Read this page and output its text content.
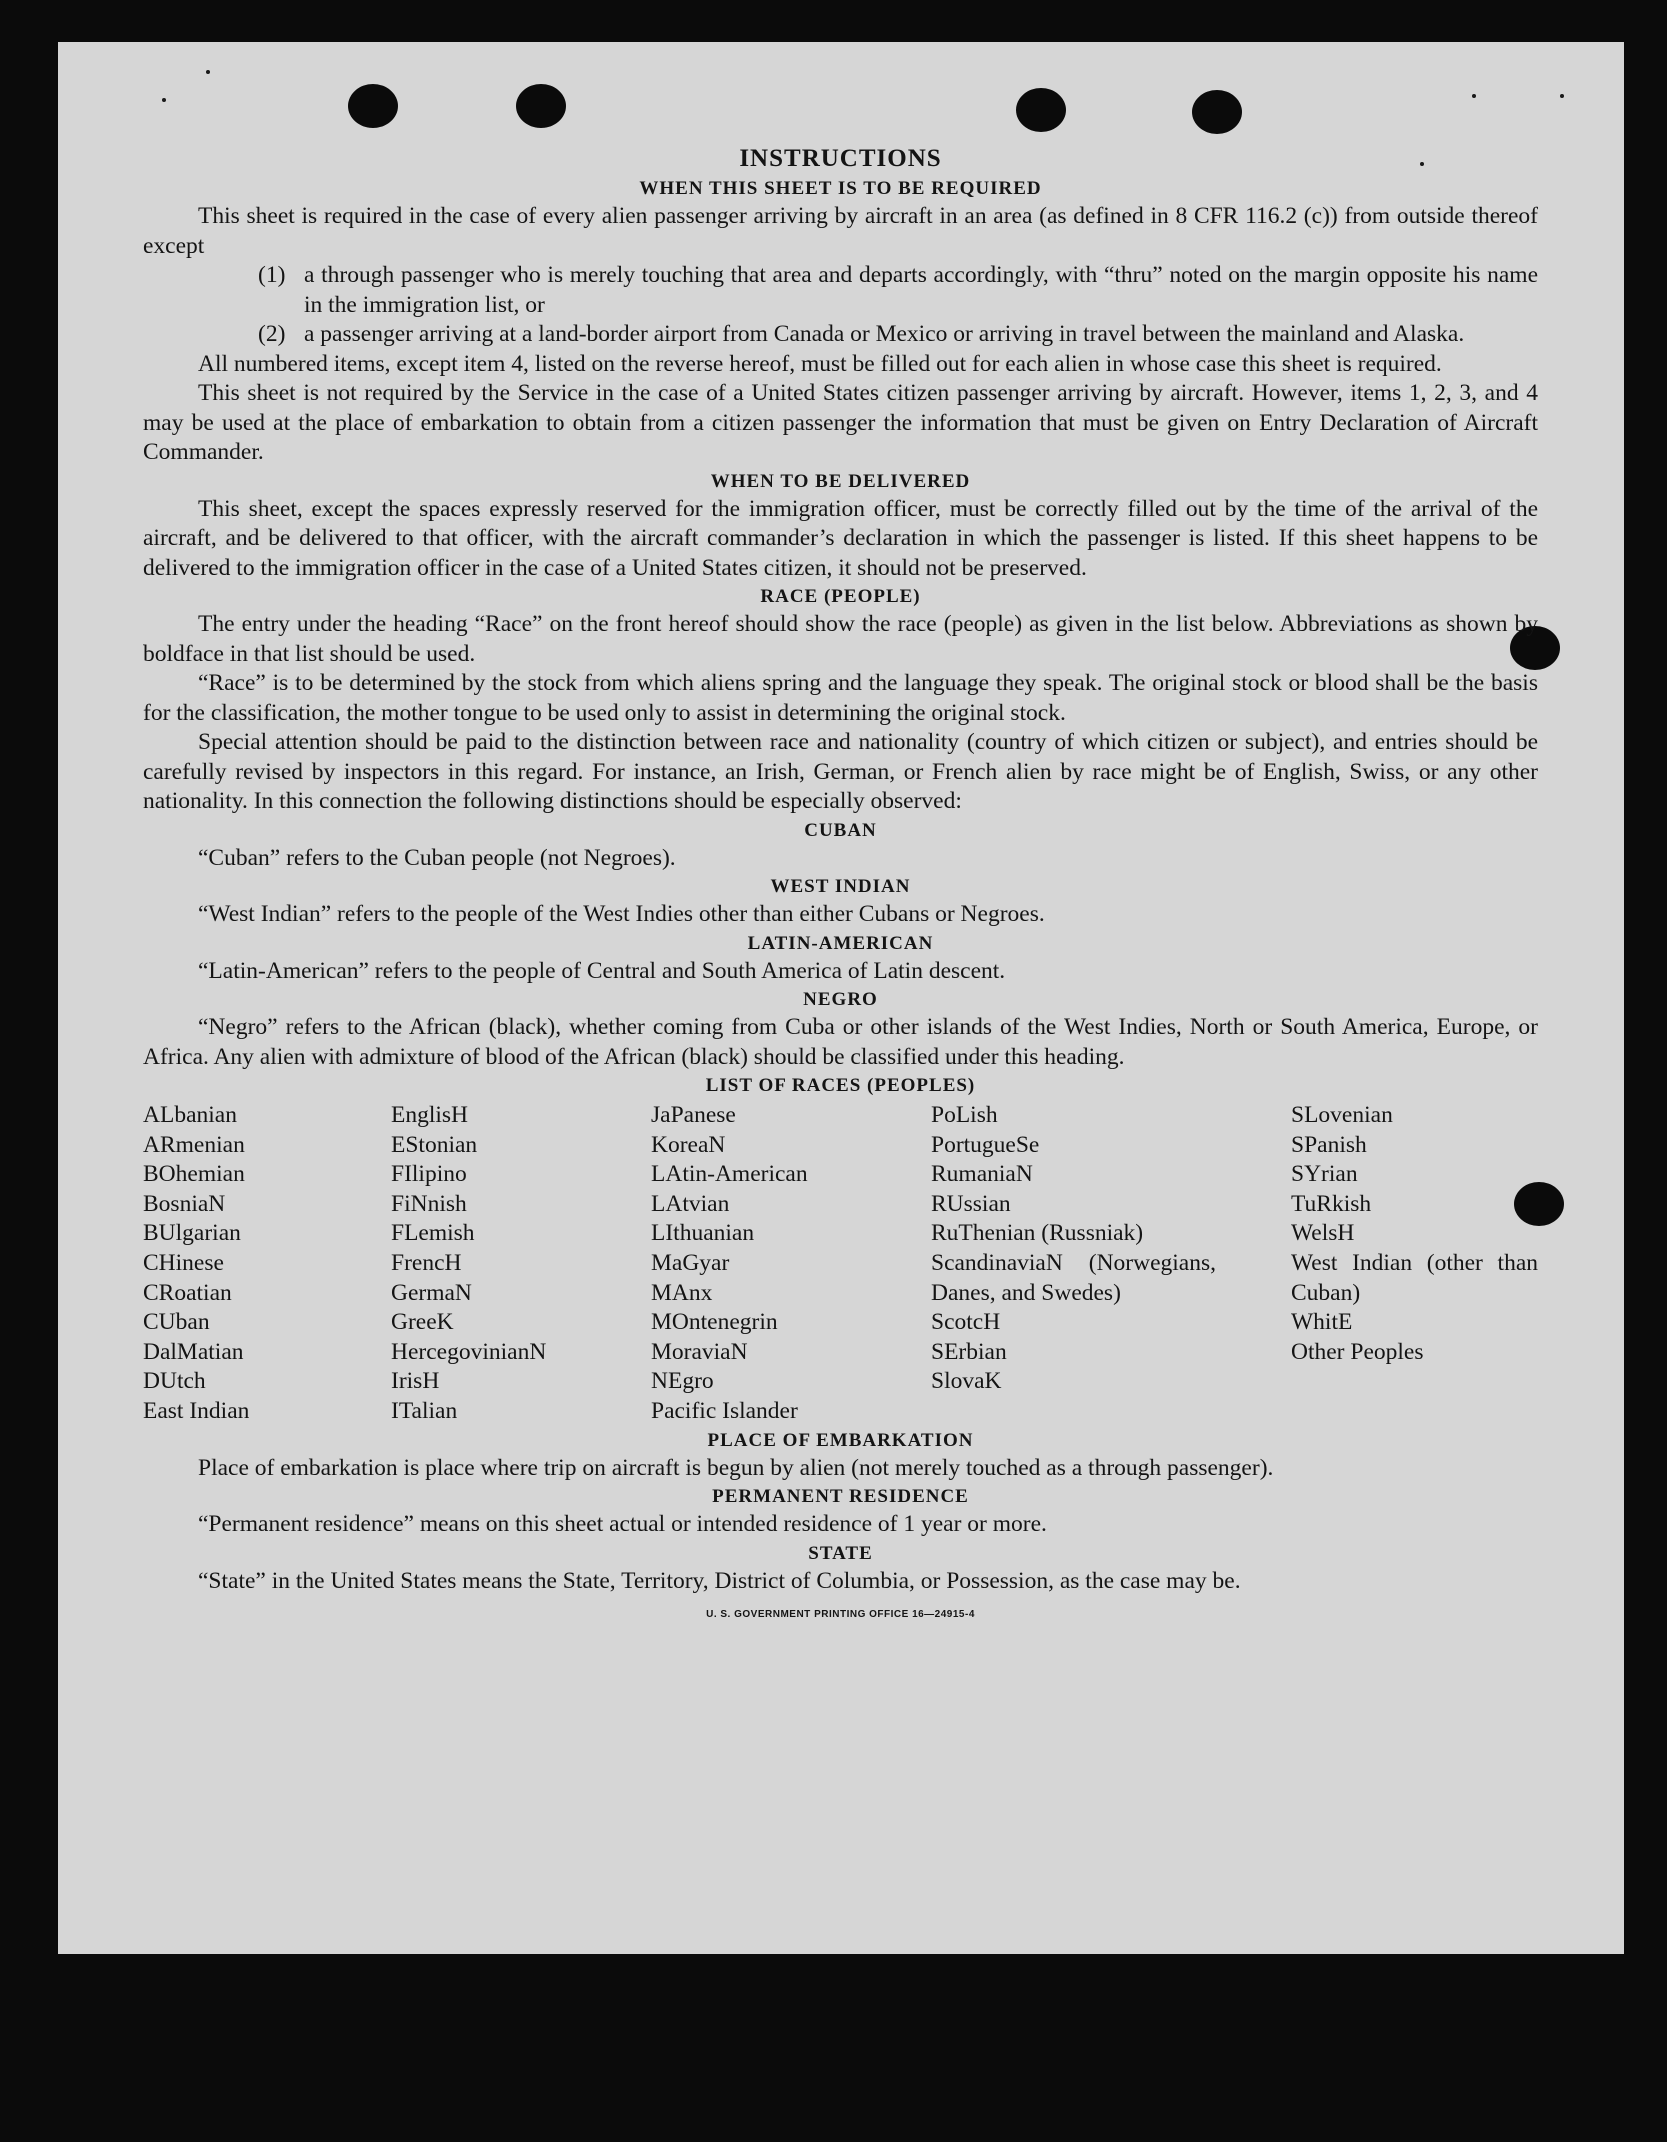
INSTRUCTIONS
WHEN THIS SHEET IS TO BE REQUIRED

This sheet is required in the case of every alien passenger arriving by aircraft in an area (as defined in 8 CFR 116.2 (c)) from outside thereof except

(1) a through passenger who is merely touching that area and departs accordingly, with “thru” noted on the margin opposite his name in the immigration list, or
(2) a passenger arriving at a land-border airport from Canada or Mexico or arriving in travel between the mainland and Alaska.

All numbered items, except item 4, listed on the reverse hereof, must be filled out for each alien in whose case this sheet is required.

This sheet is not required by the Service in the case of a United States citizen passenger arriving by aircraft. However, items 1, 2, 3, and 4 may be used at the place of embarkation to obtain from a citizen passenger the information that must be given on Entry Declaration of Aircraft Commander.

WHEN TO BE DELIVERED

This sheet, except the spaces expressly reserved for the immigration officer, must be correctly filled out by the time of the arrival of the aircraft, and be delivered to that officer, with the aircraft commander’s declaration in which the passenger is listed. If this sheet happens to be delivered to the immigration officer in the case of a United States citizen, it should not be preserved.

RACE (PEOPLE)

The entry under the heading “Race” on the front hereof should show the race (people) as given in the list below. Abbreviations as shown by boldface in that list should be used.

“Race” is to be determined by the stock from which aliens spring and the language they speak. The original stock or blood shall be the basis for the classification, the mother tongue to be used only to assist in determining the original stock.

Special attention should be paid to the distinction between race and nationality (country of which citizen or subject), and entries should be carefully revised by inspectors in this regard. For instance, an Irish, German, or French alien by race might be of English, Swiss, or any other nationality. In this connection the following distinctions should be especially observed:

CUBAN

“Cuban” refers to the Cuban people (not Negroes).

WEST INDIAN

“West Indian” refers to the people of the West Indies other than either Cubans or Negroes.

LATIN-AMERICAN

“Latin-American” refers to the people of Central and South America of Latin descent.

NEGRO

“Negro” refers to the African (black), whether coming from Cuba or other islands of the West Indies, North or South America, Europe, or Africa. Any alien with admixture of blood of the African (black) should be classified under this heading.

LIST OF RACES (PEOPLES)
ALbanian
ARmenian
BOhemian
BosniaN
BUlgarian
CHinese
CRoatian
CUban
DalMatian
DUtch
East Indian
EnglisH
EStonian
FIlipino
FiNnish
FLemish
FrencH
GermaN
GreeK
HercegovinianN
IrisH
ITalian
JaPanese
KoreaN
LAtin-American
LAtvian
LIthuanian
MaGyar
MAnx
MOntenegrin
MoraviaN
NEgro
Pacific Islander
PoLish
PortugueSe
RumaniaN
RUssian
RuThenian (Russniak)
ScandinaviaN (Norwegians, Danes, and Swedes)
ScotcH
SErbian
SlovaK
SLovenian
SPanish
SYrian
TuRkish
WelsH
West Indian (other than Cuban)
WhitE
Other Peoples
PLACE OF EMBARKATION

Place of embarkation is place where trip on aircraft is begun by alien (not merely touched as a through passenger).

PERMANENT RESIDENCE

“Permanent residence” means on this sheet actual or intended residence of 1 year or more.

STATE

“State” in the United States means the State, Territory, District of Columbia, or Possession, as the case may be.

U. S. GOVERNMENT PRINTING OFFICE 16—24915-4
